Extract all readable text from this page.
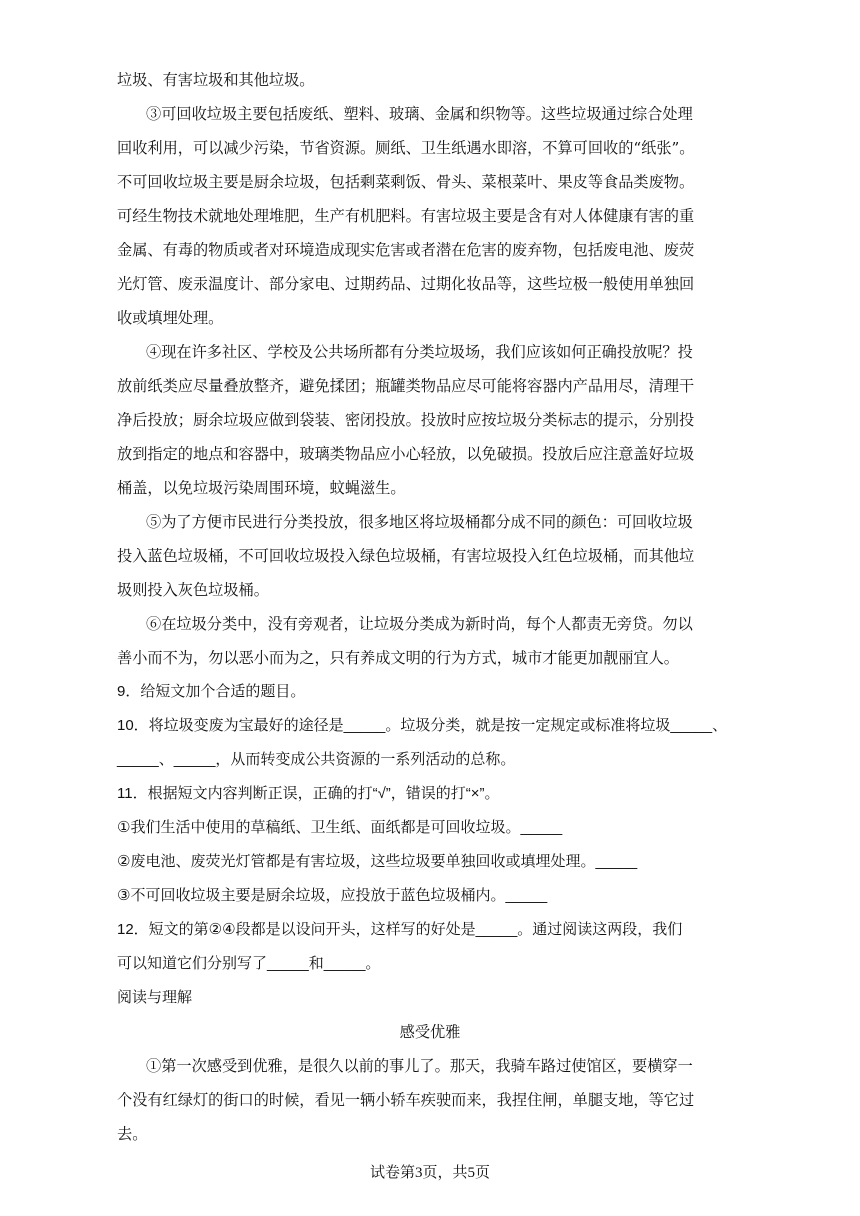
垃圾、有害垃圾和其他垃圾。
③可回收垃圾主要包括废纸、塑料、玻璃、金属和织物等。这些垃圾通过综合处理
回收利用，可以减少污染，节省资源。厕纸、卫生纸遇水即溶，不算可回收的“纸张”。
不可回收垃圾主要是厨余垃圾，包括剩菜剩饭、骨头、菜根菜叶、果皮等食品类废物。
可经生物技术就地处理堆肥，生产有机肥料。有害垃圾主要是含有对人体健康有害的重
金属、有毒的物质或者对环境造成现实危害或者潜在危害的废弃物，包括废电池、废荧
光灯管、废汞温度计、部分家电、过期药品、过期化妆品等，这些垃极一般使用单独回
收或填埋处理。
④现在许多社区、学校及公共场所都有分类垃圾场，我们应该如何正确投放呢？投
放前纸类应尽量叠放整齐，避免揉团；瓶罐类物品应尽可能将容器内产品用尽，清理干
净后投放；厨余垃圾应做到袋装、密闭投放。投放时应按垃圾分类标志的提示，分别投
放到指定的地点和容器中，玻璃类物品应小心轻放，以免破损。投放后应注意盖好垃圾
桶盖，以免垃圾污染周围环境，蚊蝇滋生。
⑤为了方便市民进行分类投放，很多地区将垃圾桶都分成不同的颜色：可回收垃圾
投入蓝色垃圾桶，不可回收垃圾投入绿色垃圾桶，有害垃圾投入红色垃圾桶，而其他垃
圾则投入灰色垃圾桶。
⑥在垃圾分类中，没有旁观者，让垃圾分类成为新时尚，每个人都责无旁贷。勿以
善小而不为，勿以恶小而为之，只有养成文明的行为方式，城市才能更加靓丽宜人。
9．给短文加个合适的题目。
10．将垃圾变废为宝最好的途径是_____。垃圾分类，就是按一定规定或标准将垃圾_____、
_____、_____，从而转变成公共资源的一系列活动的总称。
11．根据短文内容判断正误，正确的打“√”，错误的打“×”。
①我们生活中使用的草稿纸、卫生纸、面纸都是可回收垃圾。_____
②废电池、废荧光灯管都是有害垃圾，这些垃圾要单独回收或填埋处理。_____
③不可回收垃圾主要是厨余垃圾，应投放于蓝色垃圾桶内。_____
12．短文的第②④段都是以设问开头，这样写的好处是_____。通过阅读这两段，我们
可以知道它们分别写了_____和_____。
阅读与理解
感受优雅
①第一次感受到优雅，是很久以前的事儿了。那天，我骑车路过使馆区，要横穿一
个没有红绿灯的街口的时候，看见一辆小轿车疾驶而来，我捏住闸，单腿支地，等它过
去。
试卷第3页，共5页
